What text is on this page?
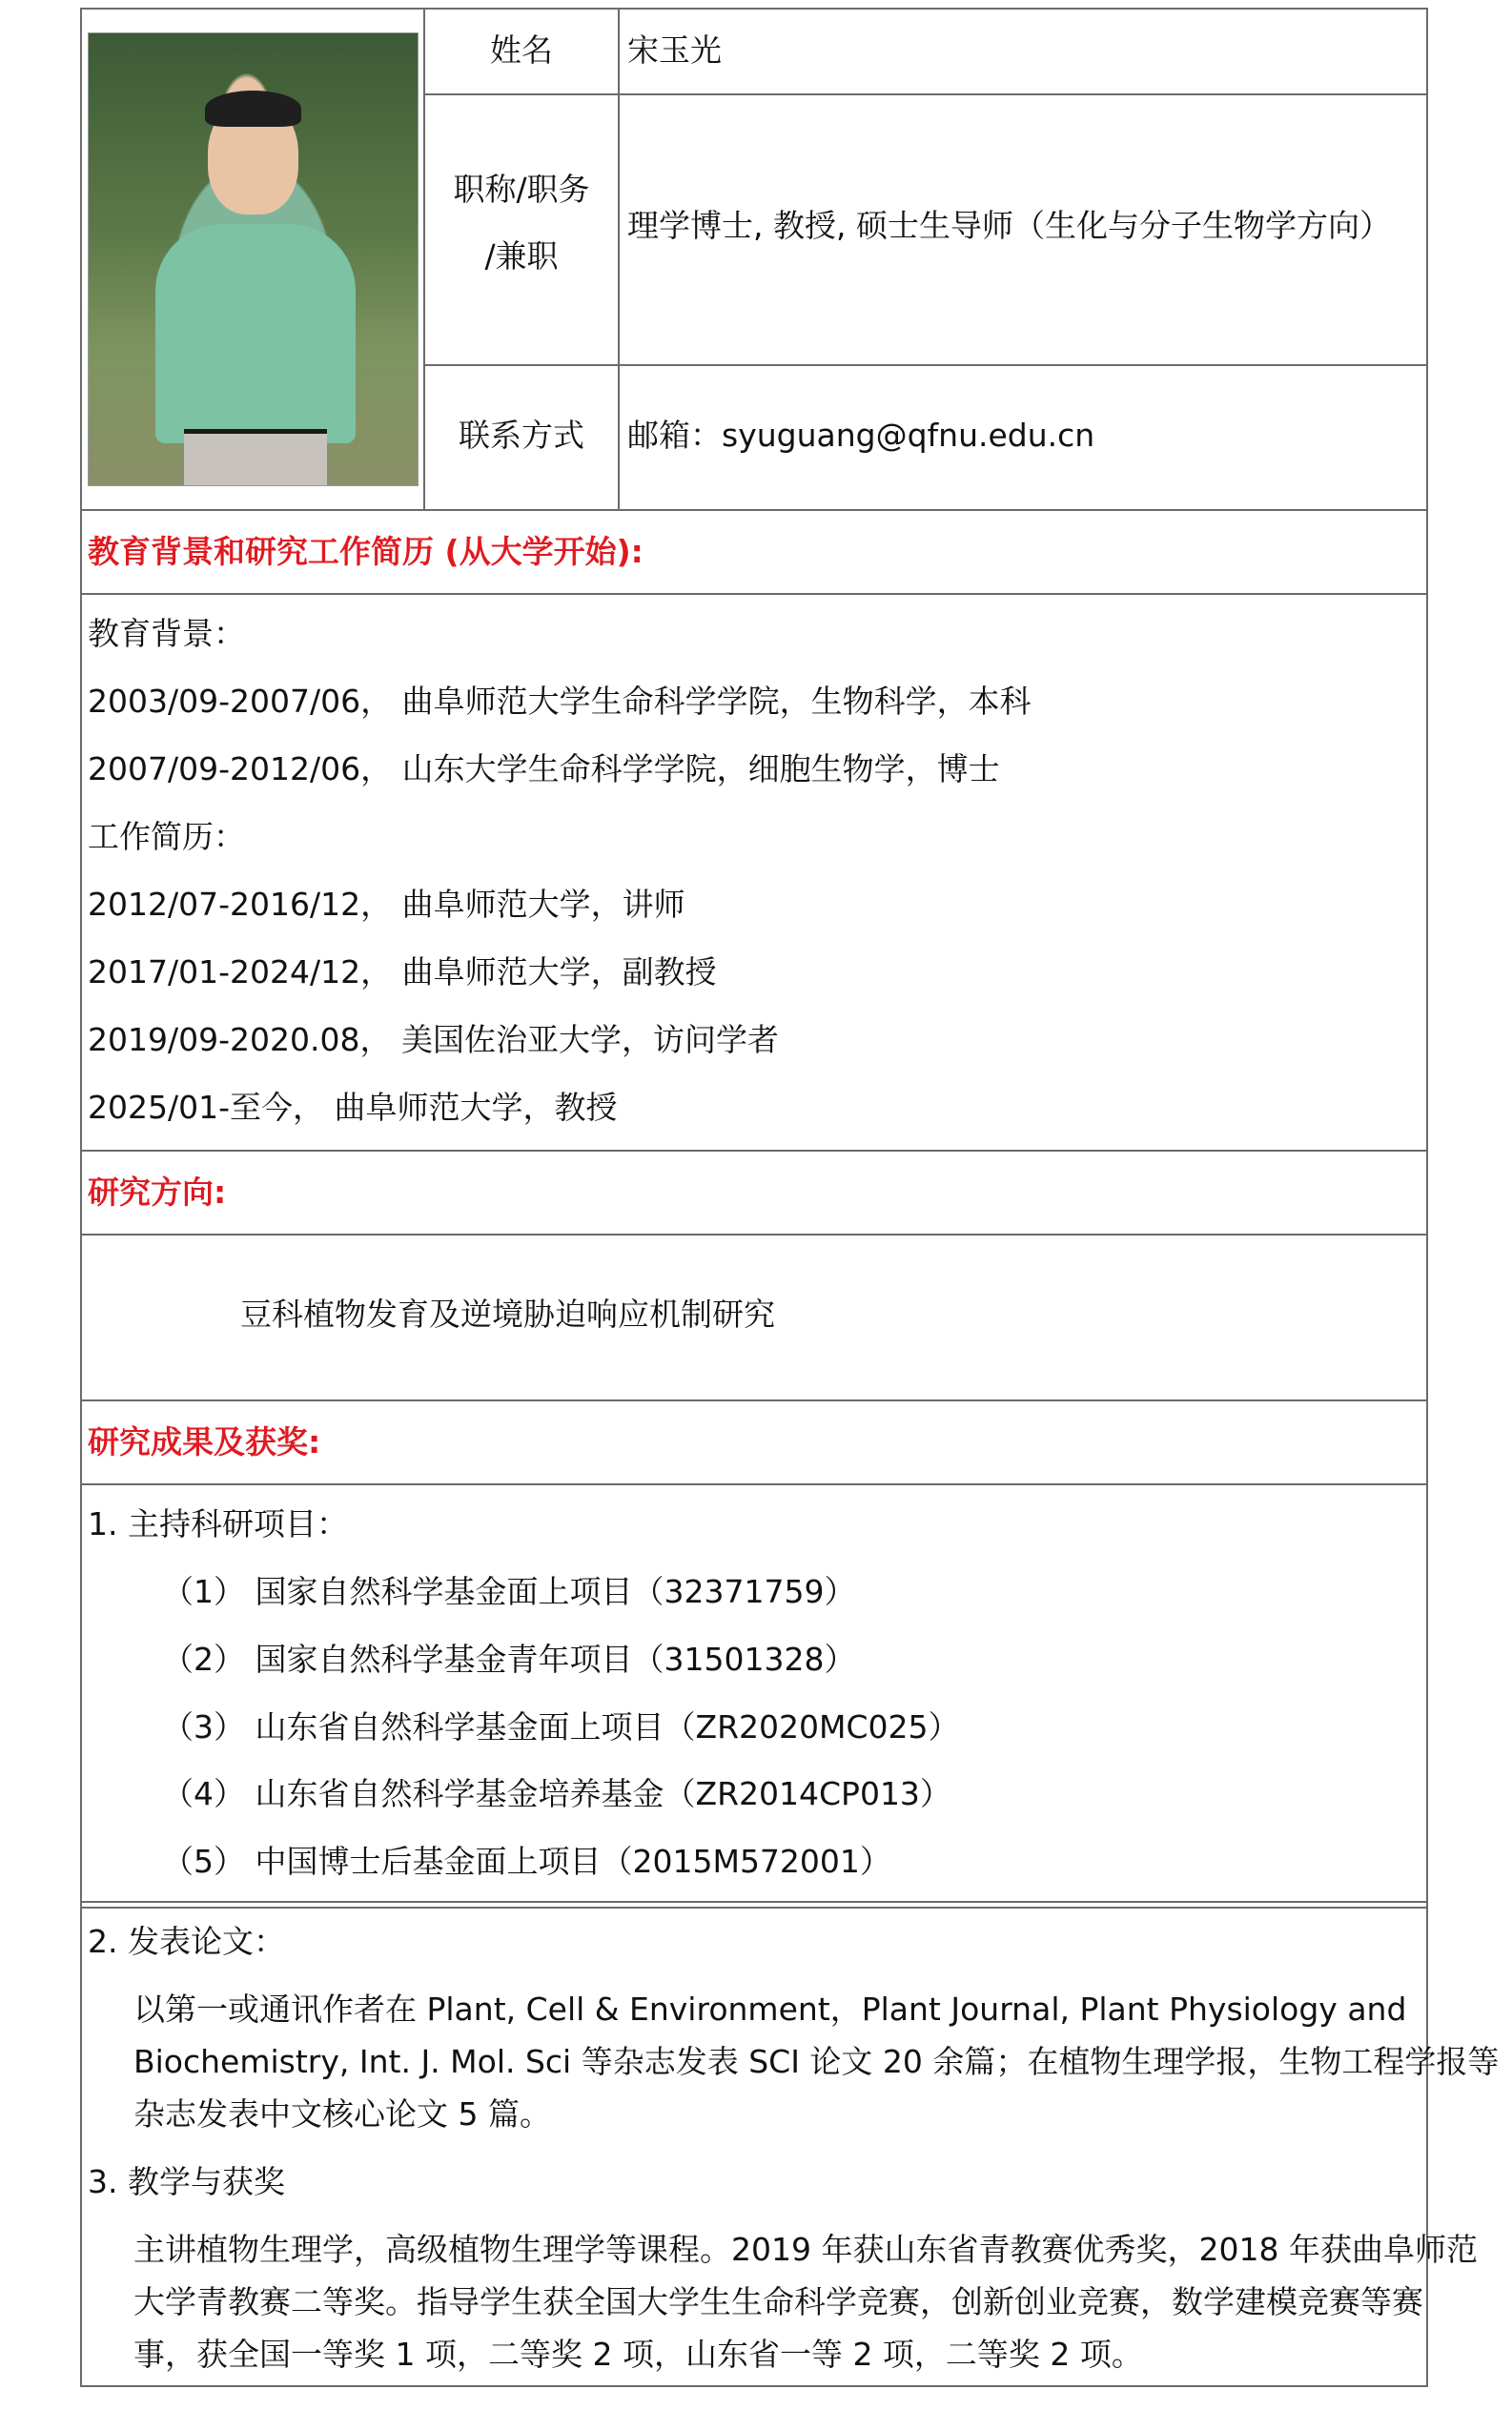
姓名	宋玉光
职称/职务
/兼职
理学博士, 教授, 硕士生导师（生化与分子生物学方向）
联系方式	邮箱：syuguang@qfnu.edu.cn
教育背景和研究工作简历 (从大学开始):
教育背景：
2003/09-2007/06， 曲阜师范大学生命科学学院，生物科学，本科
2007/09-2012/06， 山东大学生命科学学院，细胞生物学，博士
工作简历：
2012/07-2016/12， 曲阜师范大学，讲师
2017/01-2024/12， 曲阜师范大学，副教授
2019/09-2020.08， 美国佐治亚大学，访问学者
2025/01-至今， 曲阜师范大学，教授
研究方向:
豆科植物发育及逆境胁迫响应机制研究
研究成果及获奖:
1. 主持科研项目：
（1） 国家自然科学基金面上项目（32371759）
（2） 国家自然科学基金青年项目（31501328）
（3） 山东省自然科学基金面上项目（ZR2020MC025）
（4） 山东省自然科学基金培养基金（ZR2014CP013）
（5） 中国博士后基金面上项目（2015M572001）
2. 发表论文：
以第一或通讯作者在 Plant, Cell & Environment，Plant Journal, Plant Physiology and
Biochemistry, Int. J. Mol. Sci 等杂志发表 SCI 论文 20 余篇；在植物生理学报，生物工程学报等
杂志发表中文核心论文 5 篇。
3. 教学与获奖
主讲植物生理学，高级植物生理学等课程。2019 年获山东省青教赛优秀奖，2018 年获曲阜师范
大学青教赛二等奖。指导学生获全国大学生生命科学竞赛，创新创业竞赛，数学建模竞赛等赛
事，获全国一等奖 1 项，二等奖 2 项，山东省一等 2 项，二等奖 2 项。
